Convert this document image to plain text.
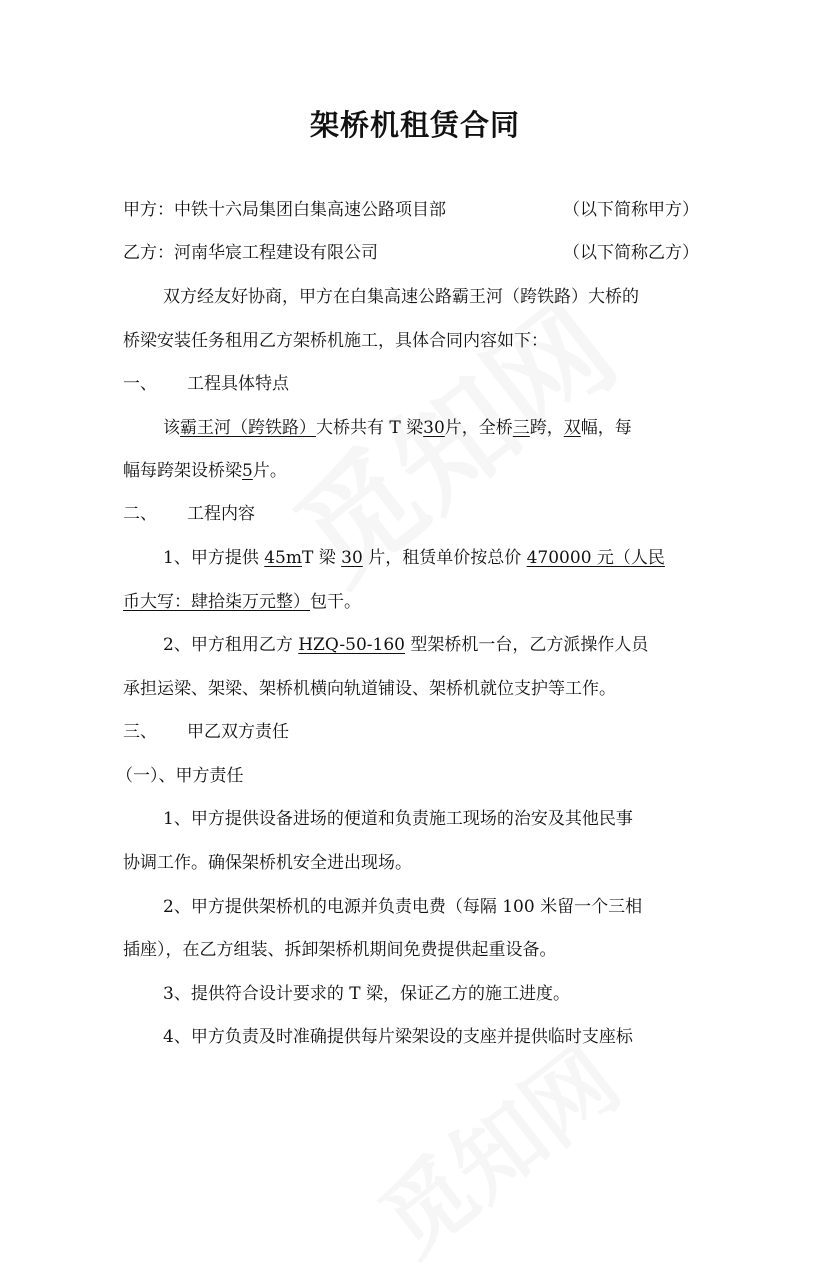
架桥机租赁合同
甲方：中铁十六局集团白集高速公路项目部	（以下简称甲方）
乙方：河南华宸工程建设有限公司	（以下简称乙方）
双方经友好协商，甲方在白集高速公路霸王河（跨铁路）大桥的
桥梁安装任务租用乙方架桥机施工，具体合同内容如下：
一、 工程具体特点
该霸王河（跨铁路）大桥共有 T 梁30片，全桥三跨，双幅，每
幅每跨架设桥梁5片。
二、 工程内容
1、甲方提供 45mT 梁 30 片，租赁单价按总价 470000 元（人民
币大写：肆拾柒万元整）包干。
2、甲方租用乙方 HZQ-50-160 型架桥机一台，乙方派操作人员
承担运梁、架梁、架桥机横向轨道铺设、架桥机就位支护等工作。
三、 甲乙双方责任
（一）、甲方责任
1、甲方提供设备进场的便道和负责施工现场的治安及其他民事
协调工作。确保架桥机安全进出现场。
2、甲方提供架桥机的电源并负责电费（每隔 100 米留一个三相
插座），在乙方组装、拆卸架桥机期间免费提供起重设备。
3、提供符合设计要求的 T 梁，保证乙方的施工进度。
4、甲方负责及时准确提供每片梁架设的支座并提供临时支座标
